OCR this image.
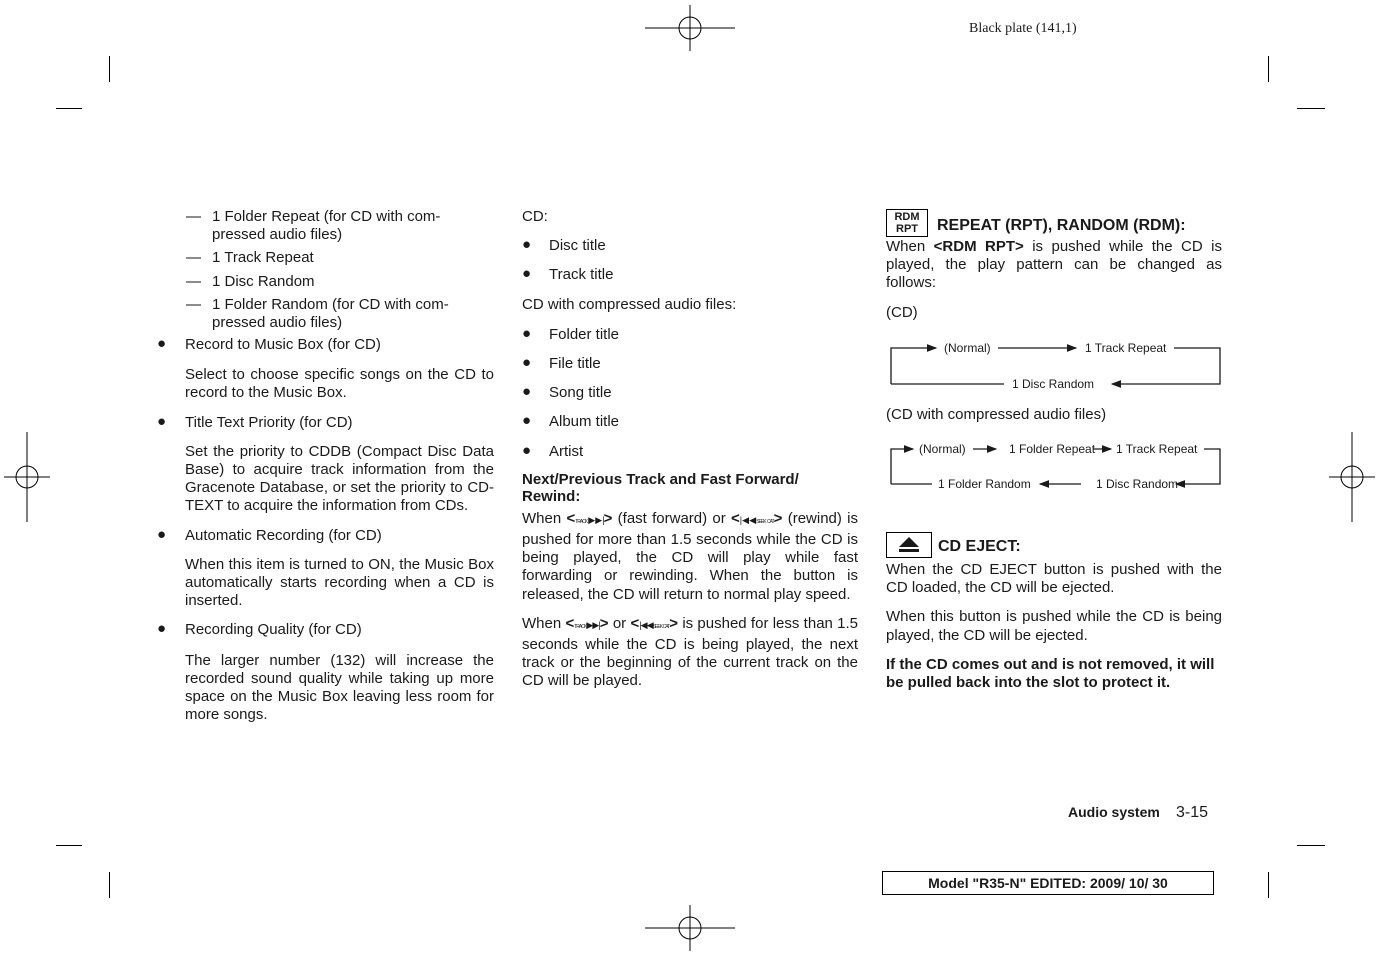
Black plate (141,1)
— 1 Folder Repeat (for CD with com-
pressed audio files)
— 1 Track Repeat
— 1 Disc Random
— 1 Folder Random (for CD with com-
pressed audio files)
● Record to Music Box (for CD)

Select to choose specific songs on the CD to record to the Music Box.

● Title Text Priority (for CD)

Set the priority to CDDB (Compact Disc Data Base) to acquire track information from the Gracenote Database, or set the priority to CD-TEXT to acquire the information from CDs.

● Automatic Recording (for CD)

When this item is turned to ON, the Music Box automatically starts recording when a CD is inserted.

● Recording Quality (for CD)

The larger number (132) will increase the recorded sound quality while taking up more space on the Music Box leaving less room for more songs.

CD:

● Disc title
● Track title

CD with compressed audio files:

● Folder title
● File title
● Song title
● Album title
● Artist

Next/Previous Track and Fast Forward/ Rewind:

When <TRACK▶▶|> (fast forward) or <|◀◀SEEK CAT> (rewind) is pushed for more than 1.5 seconds while the CD is being played, the CD will play while fast forwarding or rewinding. When the button is released, the CD will return to normal play speed.

When <TRACK▶▶|> or <|◀◀SEEK CAT> is pushed for less than 1.5 seconds while the CD is being played, the next track or the beginning of the current track on the CD will be played.

RDM
RPT	REPEAT (RPT), RANDOM (RDM):

When <RDM RPT> is pushed while the CD is played, the play pattern can be changed as follows:

(CD)

(Normal)	1 Track Repeat
1 Disc Random

(CD with compressed audio files)

(Normal)	1 Folder Repeat 1 Track Repeat
1 Disc Random
1 Folder Random
CD EJECT:

When the CD EJECT button is pushed with the CD loaded, the CD will be ejected.

When this button is pushed while the CD is being played, the CD will be ejected.

If the CD comes out and is not removed, it will be pulled back into the slot to protect it.

Audio system 3-15
Model "R35-N" EDITED: 2009/ 10/ 30
